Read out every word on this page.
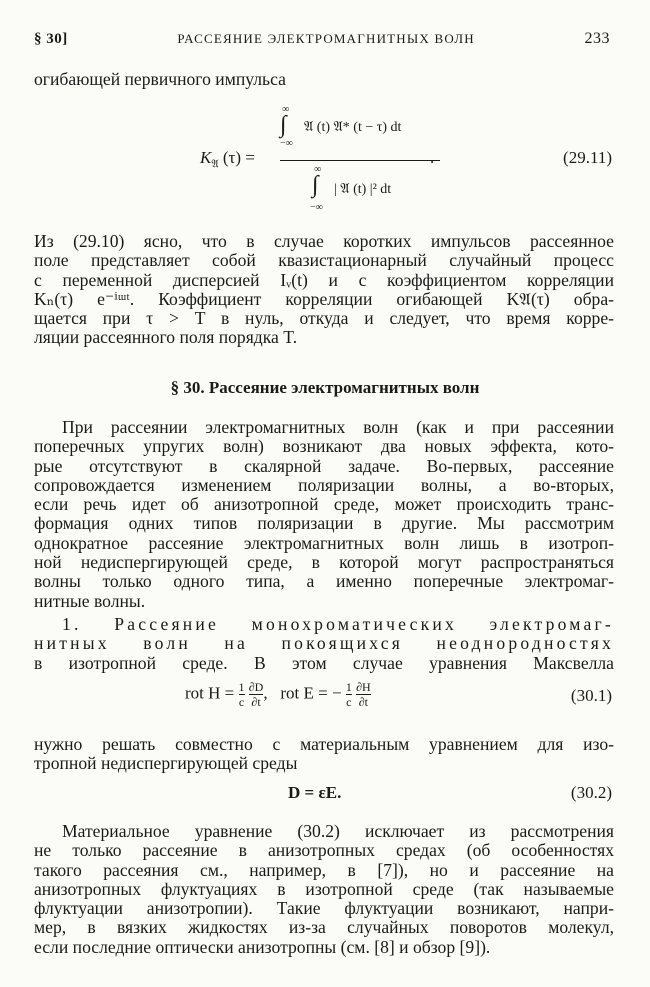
§ 30]	РАССЕЯНИЕ ЭЛЕКТРОМАГНИТНЫХ ВОЛН	233
огибающей первичного импульса
$K_𝔄$ (τ) =
∞
∫
−∞
𝔄 (t) 𝔄* (t − τ) dt
∞
∫
−∞
| 𝔄 (t) |² dt
.	(29.11)
Из (29.10) ясно, что в случае коротких импульсов рассеянное
поле представляет собой квазистационарный случайный процесс
с переменной дисперсией Iᵥ(t) и с коэффициентом корреляции
Kₙ(τ) e⁻ⁱᵚᵗ. Коэффициент корреляции огибающей K𝔄(τ) обра-
щается при τ > T в нуль, откуда и следует, что время корре-
ляции рассеянного поля порядка T.
§ 30. Рассеяние электромагнитных волн
При рассеянии электромагнитных волн (как и при рассеянии
поперечных упругих волн) возникают два новых эффекта, кото-
рые отсутствуют в скалярной задаче. Во-первых, рассеяние
сопровождается изменением поляризации волны, а во-вторых,
если речь идет об анизотропной среде, может происходить транс-
формация одних типов поляризации в другие. Мы рассмотрим
однократное рассеяние электромагнитных волн лишь в изотроп-
ной недиспергирующей среде, в которой могут распространяться
волны только одного типа, а именно поперечные электромаг-
нитные волны.
1. Рассеяние монохроматических электромаг-
нитных волн на покоящихся неоднородностях
в изотропной среде. В этом случае уравнения Максвелла
rot $H = \frac{1}{c}$
$\frac{\partial D}{\partial t}$ , rot E = − $\frac{1}{c}$
$\frac{\partial H}{\partial t}$	(30.1)
нужно решать совместно с материальным уравнением для изо-
тропной недиспергирующей среды
D = εE.	(30.2)
Материальное уравнение (30.2) исключает из рассмотрения
не только рассеяние в анизотропных средах (об особенностях
такого рассеяния см., например, в [7]), но и рассеяние на
анизотропных флуктуациях в изотропной среде (так называемые
флуктуации анизотропии). Такие флуктуации возникают, напри-
мер, в вязких жидкостях из-за случайных поворотов молекул,
если последние оптически анизотропны (см. [8] и обзор [9]).
